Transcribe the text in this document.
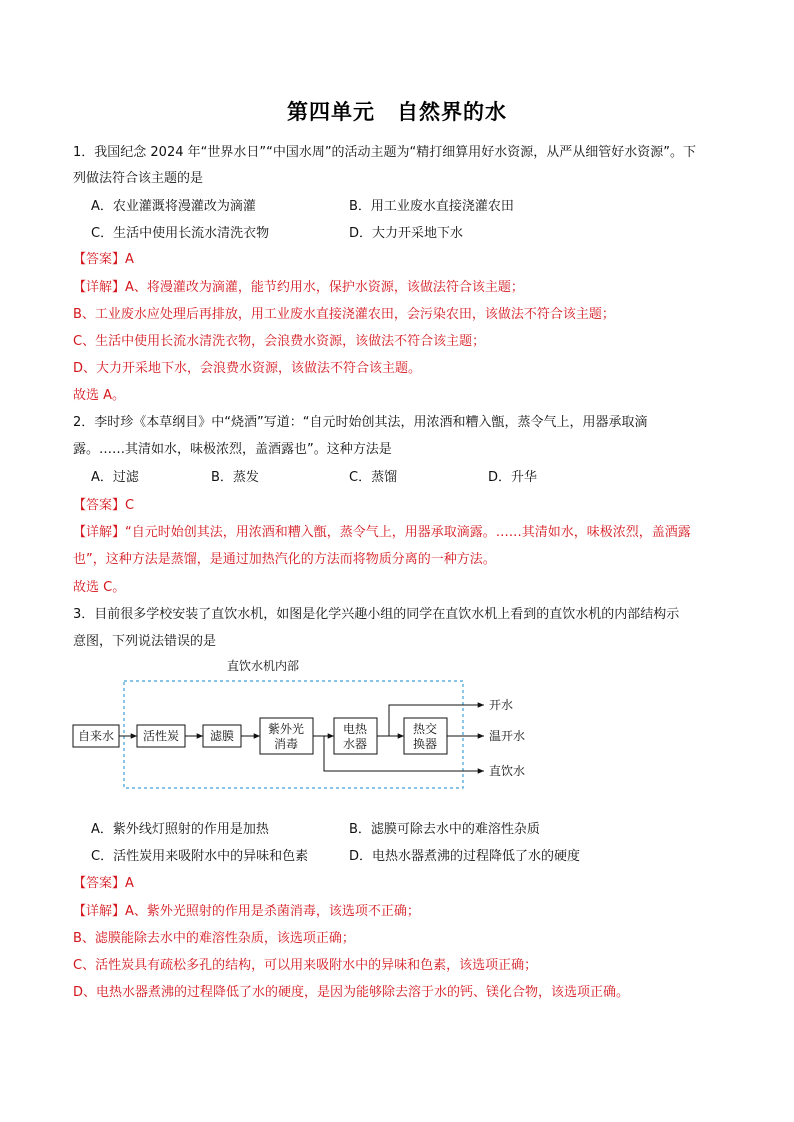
第四单元　自然界的水
1．我国纪念 2024 年“世界水日”“中国水周”的活动主题为“精打细算用好水资源，从严从细管好水资源”。下
列做法符合该主题的是
A．农业灌溉将漫灌改为滴灌	B．用工业废水直接浇灌农田
C．生活中使用长流水清洗衣物	D．大力开采地下水
【答案】A
【详解】A、将漫灌改为滴灌，能节约用水，保护水资源，该做法符合该主题；
B、工业废水应处理后再排放，用工业废水直接浇灌农田，会污染农田，该做法不符合该主题；
C、生活中使用长流水清洗衣物，会浪费水资源，该做法不符合该主题；
D、大力开采地下水，会浪费水资源，该做法不符合该主题。
故选 A。
2．李时珍《本草纲目》中“烧酒”写道：“自元时始创其法，用浓酒和糟入甑，蒸令气上，用器承取滴
露。……其清如水，味极浓烈，盖酒露也”。这种方法是
A．过滤	B．蒸发	C．蒸馏	D．升华
【答案】C
【详解】“自元时始创其法，用浓酒和糟入甑，蒸令气上，用器承取滴露。……其清如水，味极浓烈，盖酒露
也”，这种方法是蒸馏，是通过加热汽化的方法而将物质分离的一种方法。
故选 C。
3．目前很多学校安装了直饮水机，如图是化学兴趣小组的同学在直饮水机上看到的直饮水机的内部结构示
意图，下列说法错误的是
直饮水机内部
自来水 活性炭	滤膜	紫外光消毒
电热水器
热交换器
开水
温开水
直饮水
A．紫外线灯照射的作用是加热	B．滤膜可除去水中的难溶性杂质
C．活性炭用来吸附水中的异味和色素	D．电热水器煮沸的过程降低了水的硬度
【答案】A
【详解】A、紫外光照射的作用是杀菌消毒，该选项不正确；
B、滤膜能除去水中的难溶性杂质，该选项正确；
C、活性炭具有疏松多孔的结构，可以用来吸附水中的异味和色素，该选项正确；
D、电热水器煮沸的过程降低了水的硬度，是因为能够除去溶于水的钙、镁化合物，该选项正确。
